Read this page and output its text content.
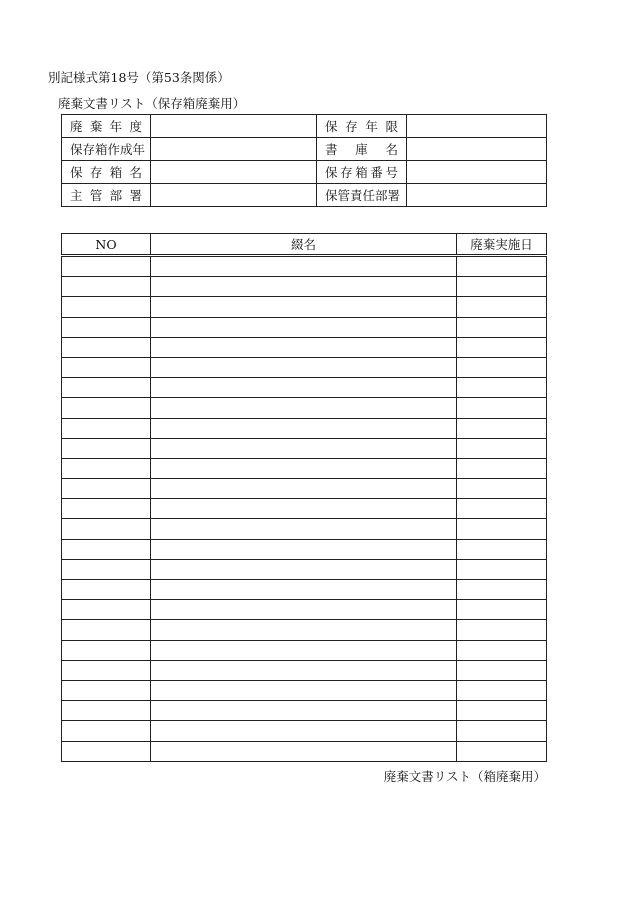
別記様式第18号（第53条関係）
廃棄文書リスト（保存箱廃棄用）
廃 棄 年 度		保 存 年 限	
保存箱作成年		書 庫 名	
保 存 箱 名		保存箱番号	
主 管 部 署		保管責任部署	
NO	綴名	廃棄実施日

廃棄文書リスト（箱廃棄用）
